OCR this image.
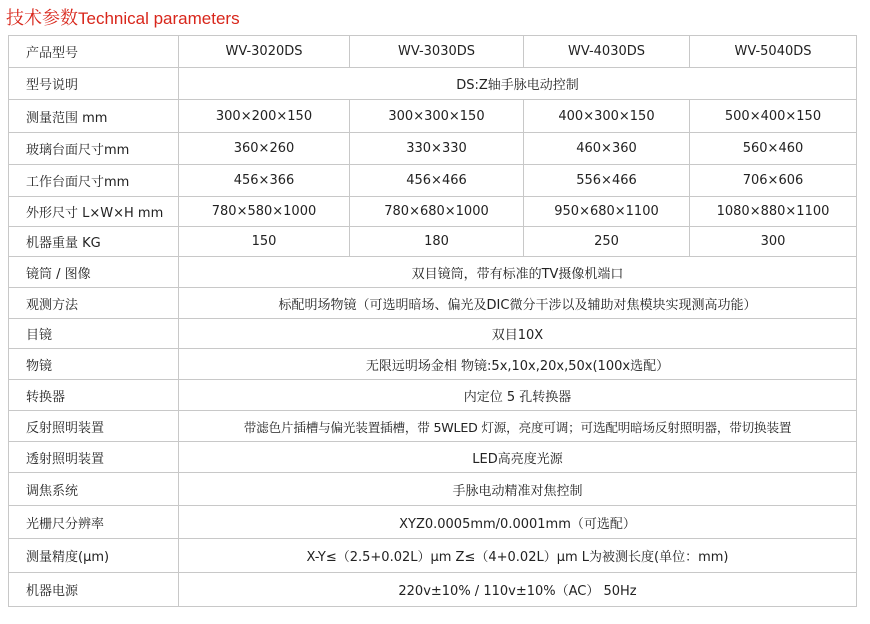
技术参数Technical parameters
产品型号	WV-3020DS	WV-3030DS	WV-4030DS	WV-5040DS
型号说明	DS:Z轴手脉电动控制			
测量范围 mm	300×200×150	300×300×150	400×300×150	500×400×150
玻璃台面尺寸mm	360×260	330×330	460×360	560×460
工作台面尺寸mm	456×366	456×466	556×466	706×606
外形尺寸 L×W×H mm	780×580×1000	780×680×1000	950×680×1100	1080×880×1100
机器重量 KG	150	180	250	300
镜筒 / 图像	双目镜筒，带有标准的TV摄像机端口			
观测方法	标配明场物镜（可选明暗场、偏光及DIC微分干涉以及辅助对焦模块实现测高功能）			
目镜	双目10X			
物镜	无限远明场金相 物镜:5x,10x,20x,50x(100x选配）			
转换器	内定位 5 孔转换器			
反射照明装置	带滤色片插槽与偏光装置插槽，带 5WLED 灯源，亮度可调；可选配明暗场反射照明器，带切换装置			
透射照明装置	LED高亮度光源			
调焦系统	手脉电动精准对焦控制			
光栅尺分辨率	XYZ0.0005mm/0.0001mm（可选配）			
测量精度(μm)	X-Y≤（2.5+0.02L）μm Z≤（4+0.02L）μm L为被测长度(单位：mm)			
机器电源	220v±10% / 110v±10%（AC） 50Hz			
